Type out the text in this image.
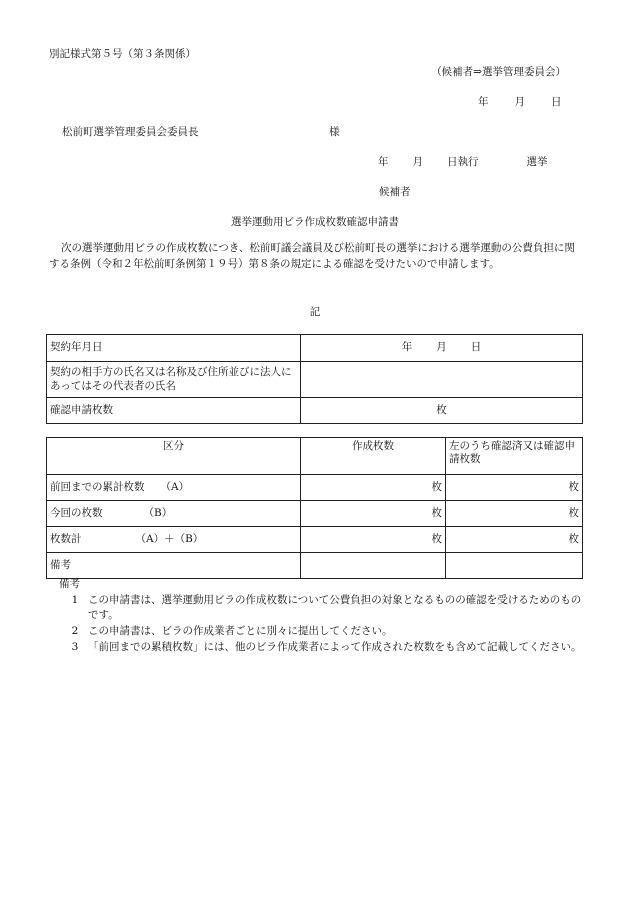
別記様式第５号（第３条関係）
（候補者⇒選挙管理委員会）
年 月 日
松前町選挙管理委員会委員長	様
年 月 日執行	選挙
候補者
選挙運動用ビラ作成枚数確認申請書
次の選挙運動用ビラの作成枚数につき、松前町議会議員及び松前町長の選挙における選挙運動の公費負担に関する条例（令和２年松前町条例第１９号）第８条の規定による確認を受けたいので申請します。
記
契約年月日	年 月 日
契約の相手方の氏名又は名称及び住所並びに法人にあってはその代表者の氏名	
確認申請枚数	枚
区分	作成枚数	左のうち確認済又は確認申請枚数
前回までの累計枚数 （A）	枚	枚
今回の枚数 （B）	枚	枚
枚数計 （A）＋（B）	枚	枚
備考		
備考
1 この申請書は、選挙運動用ビラの作成枚数について公費負担の対象となるものの確認を受けるためのものです。
2 この申請書は、ビラの作成業者ごとに別々に提出してください。
3 「前回までの累積枚数」には、他のビラ作成業者によって作成された枚数をも含めて記載してください。
